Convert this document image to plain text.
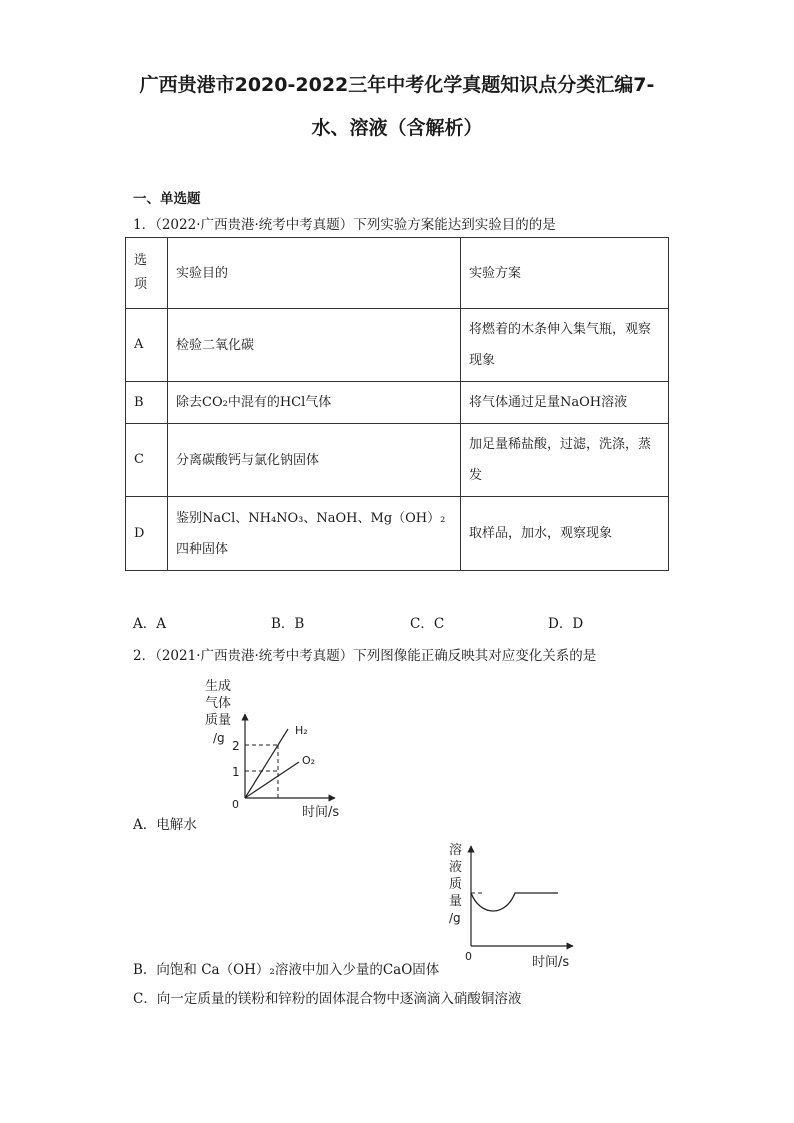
广西贵港市2020-2022三年中考化学真题知识点分类汇编7-
水、溶液（含解析）
一、单选题
1．（2022·广西贵港·统考中考真题）下列实验方案能达到实验目的的是
选项	实验目的	实验方案
A	检验二氧化碳	将燃着的木条伸入集气瓶，观察现象
B	除去CO₂中混有的HCl气体	将气体通过足量NaOH溶液
C	分离碳酸钙与氯化钠固体	加足量稀盐酸，过滤，洗涤，蒸发
D	鉴别NaCl、NH₄NO₃、NaOH、Mg（OH）₂四种固体	取样品，加水，观察现象
A．A	B．B	C．C	D．D
2．（2021·广西贵港·统考中考真题）下列图像能正确反映其对应变化关系的是
生成
气体
质量
/g
0
2
1
H₂
O₂
时间/s
A．电解水
溶
液
质
量
/g
0	时间/s
B．向饱和 Ca（OH）₂溶液中加入少量的CaO固体
C．向一定质量的镁粉和锌粉的固体混合物中逐滴滴入硝酸铜溶液
